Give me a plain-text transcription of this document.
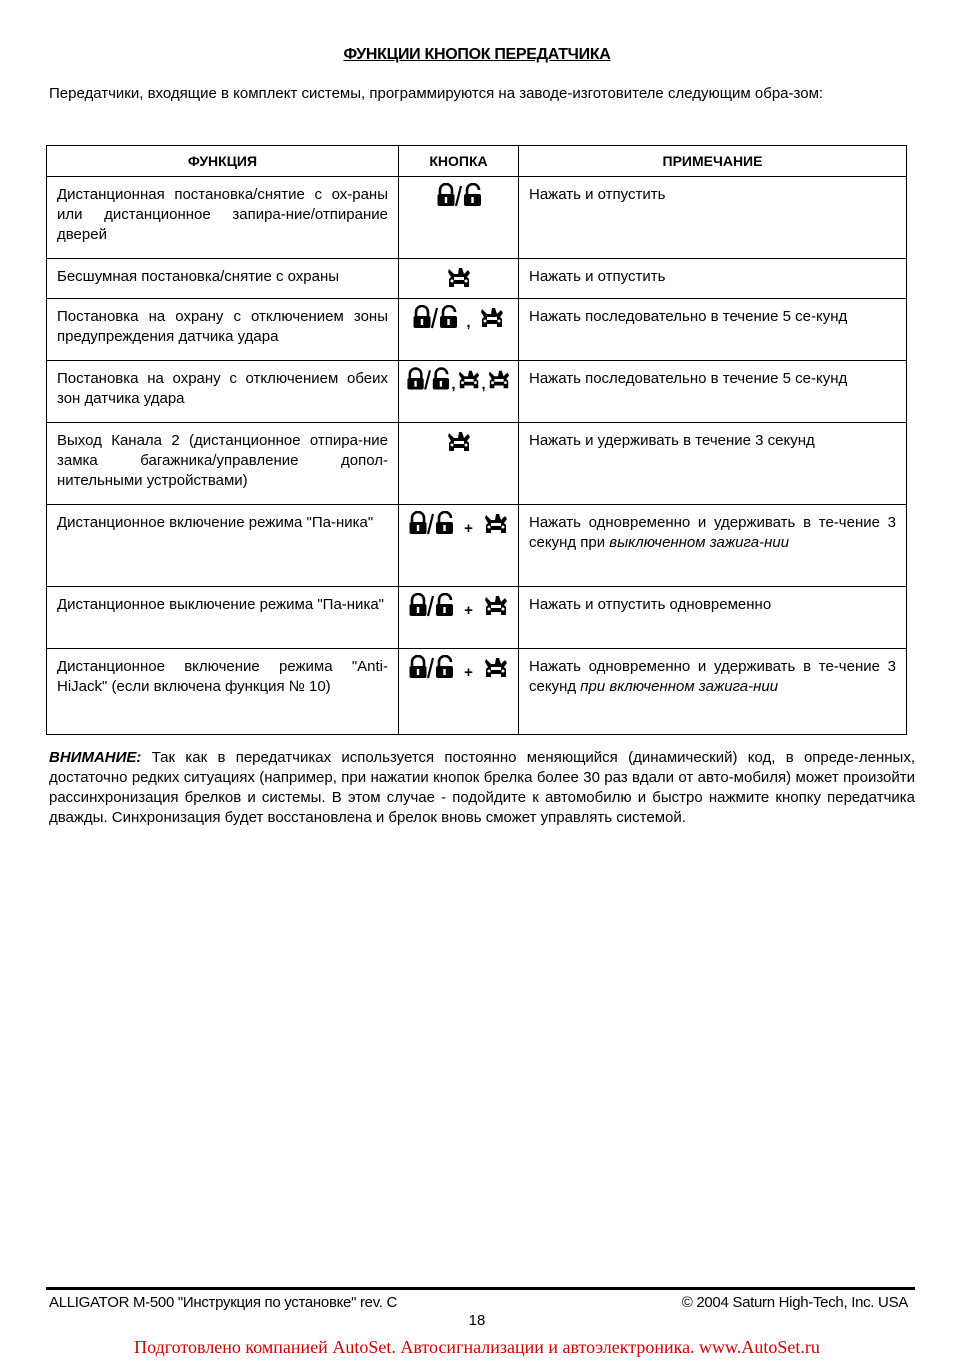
ФУНКЦИИ КНОПОК ПЕРЕДАТЧИКА
Передатчики, входящие в комплект системы, программируются на заводе-изготовителе следующим обра-зом:
ФУНКЦИЯ	КНОПКА	ПРИМЕЧАНИЕ
Дистанционная постановка/снятие с ох-раны или дистанционное запира-ние/отпирание дверей		Нажать и отпустить
Бесшумная постановка/снятие с охраны		Нажать и отпустить
Постановка на охрану с отключением зоны предупреждения датчика удара	,	Нажать последовательно в течение 5 се-кунд
Постановка на охрану с отключением обеих зон датчика удара	, ,	Нажать последовательно в течение 5 се-кунд
Выход Канала 2 (дистанционное отпира-ние замка багажника/управление допол-нительными устройствами)		Нажать и удерживать в течение 3 секунд
Дистанционное включение режима "Па-ника"	+	Нажать одновременно и удерживать в те-чение 3 секунд при выключенном зажига-нии
Дистанционное выключение режима "Па-ника"	+	Нажать и отпустить одновременно
Дистанционное включение режима "Anti-HiJack" (если включена функция № 10)	+	Нажать одновременно и удерживать в те-чение 3 секунд при включенном зажига-нии
ВНИМАНИЕ: Так как в передатчиках используется постоянно меняющийся (динамический) код, в опреде-ленных, достаточно редких ситуациях (например, при нажатии кнопок брелка более 30 раз вдали от авто-мобиля) может произойти рассинхронизация брелков и системы. В этом случае - подойдите к автомобилю и быстро нажмите кнопку передатчика дважды. Синхронизация будет восстановлена и брелок вновь сможет управлять системой.
ALLIGATOR M-500 "Инструкция по установке" rev. C	© 2004 Saturn High-Tech, Inc. USA
18
Подготовлено компанией AutoSet. Автосигнализации и автоэлектроника. www.AutoSet.ru
